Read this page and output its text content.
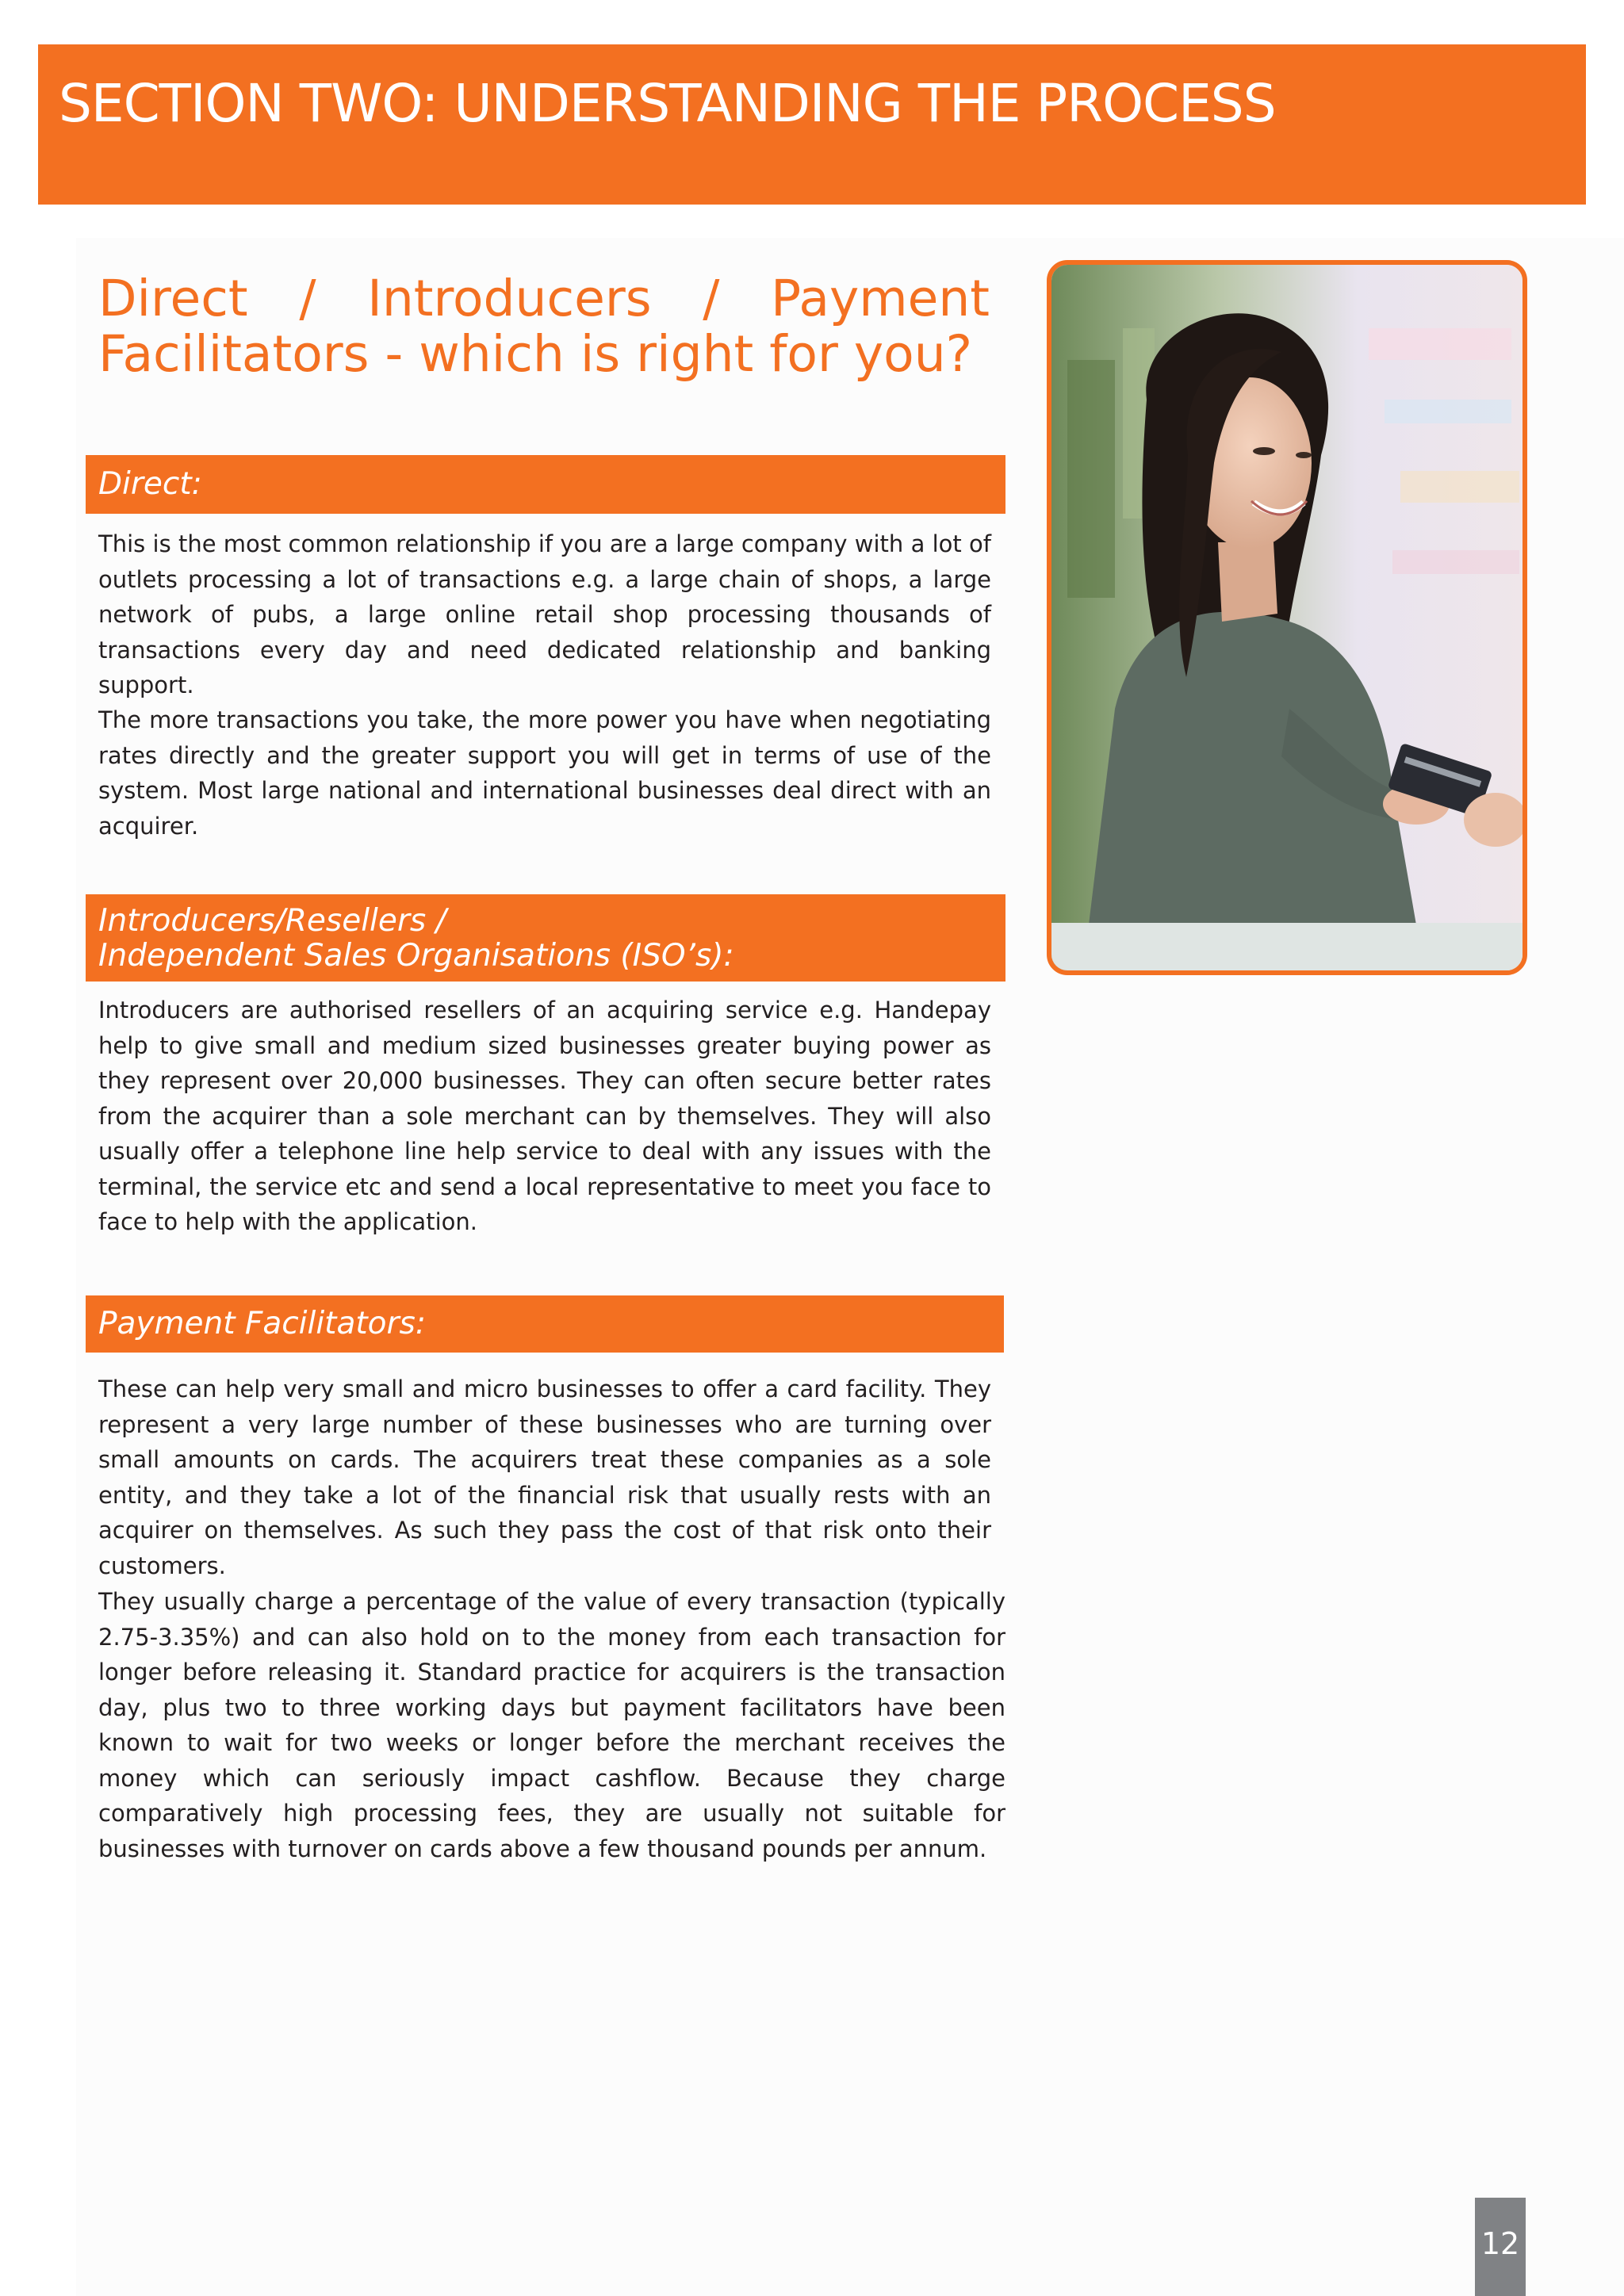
SECTION TWO: UNDERSTANDING THE PROCESS
Direct / Introducers / Payment Facilitators - which is right for you?
Direct:

This is the most common relationship if you are a large company with a lot of outlets processing a lot of transactions e.g. a large chain of shops, a large network of pubs, a large online retail shop processing thousands of transactions every day and need dedicated relationship and banking support.

The more transactions you take, the more power you have when negotiating rates directly and the greater support you will get in terms of use of the system. Most large national and international businesses deal direct with an acquirer.

Introducers/Resellers /
Independent Sales Organisations (ISO’s):

Introducers are authorised resellers of an acquiring service e.g. Handepay help to give small and medium sized businesses greater buying power as they represent over 20,000 businesses. They can often secure better rates from the acquirer than a sole merchant can by themselves. They will also usually offer a telephone line help service to deal with any issues with the terminal, the service etc and send a local representative to meet you face to face to help with the application.

Payment Facilitators:

These can help very small and micro businesses to offer a card facility. They represent a very large number of these businesses who are turning over small amounts on cards. The acquirers treat these companies as a sole entity, and they take a lot of the financial risk that usually rests with an acquirer on themselves. As such they pass the cost of that risk onto their customers.

They usually charge a percentage of the value of every transaction (typically 2.75-3.35%) and can also hold on to the money from each transaction for longer before releasing it. Standard practice for acquirers is the transaction day, plus two to three working days but payment facilitators have been known to wait for two weeks or longer before the merchant receives the money which can seriously impact cashflow. Because they charge comparatively high processing fees, they are usually not suitable for businesses with turnover on cards above a few thousand pounds per annum.

12
